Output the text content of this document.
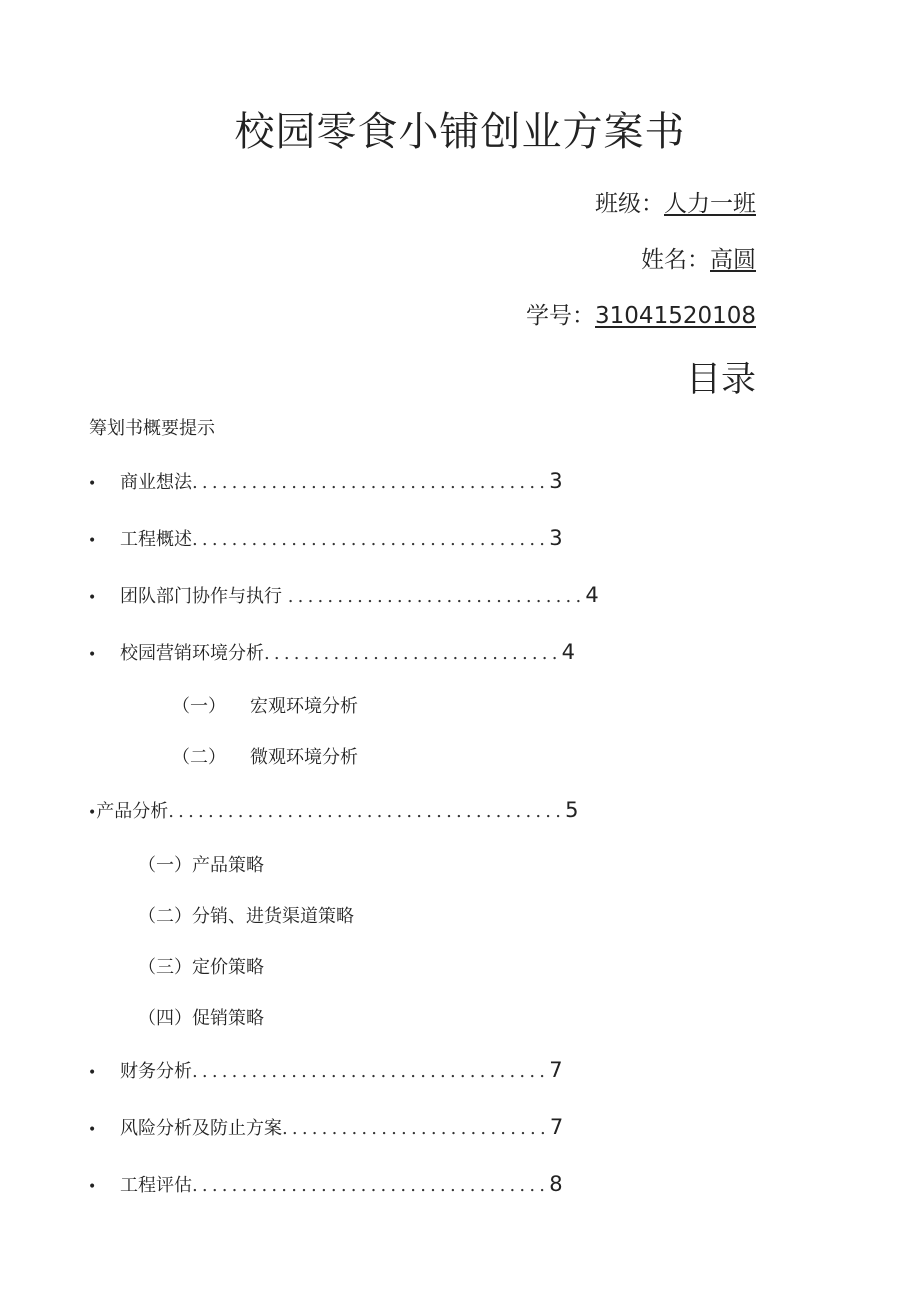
校园零食小铺创业方案书
班级：人力一班
姓名：高圆
学号：31041520108
目录
筹划书概要提示
•	商业想法 .................................... 3
•	工程概述 .................................... 3
•	团队部门协作与执行 .............................. 4
•	校园营销环境分析 .............................. 4
（一） 宏观环境分析
（二） 微观环境分析
• 产品分析 ........................................ 5
（一）产品策略
（二）分销、进货渠道策略
（三）定价策略
（四）促销策略
•	财务分析 .................................... 7
•	风险分析及防止方案 ........................... 7
•	工程评估 .................................... 8
